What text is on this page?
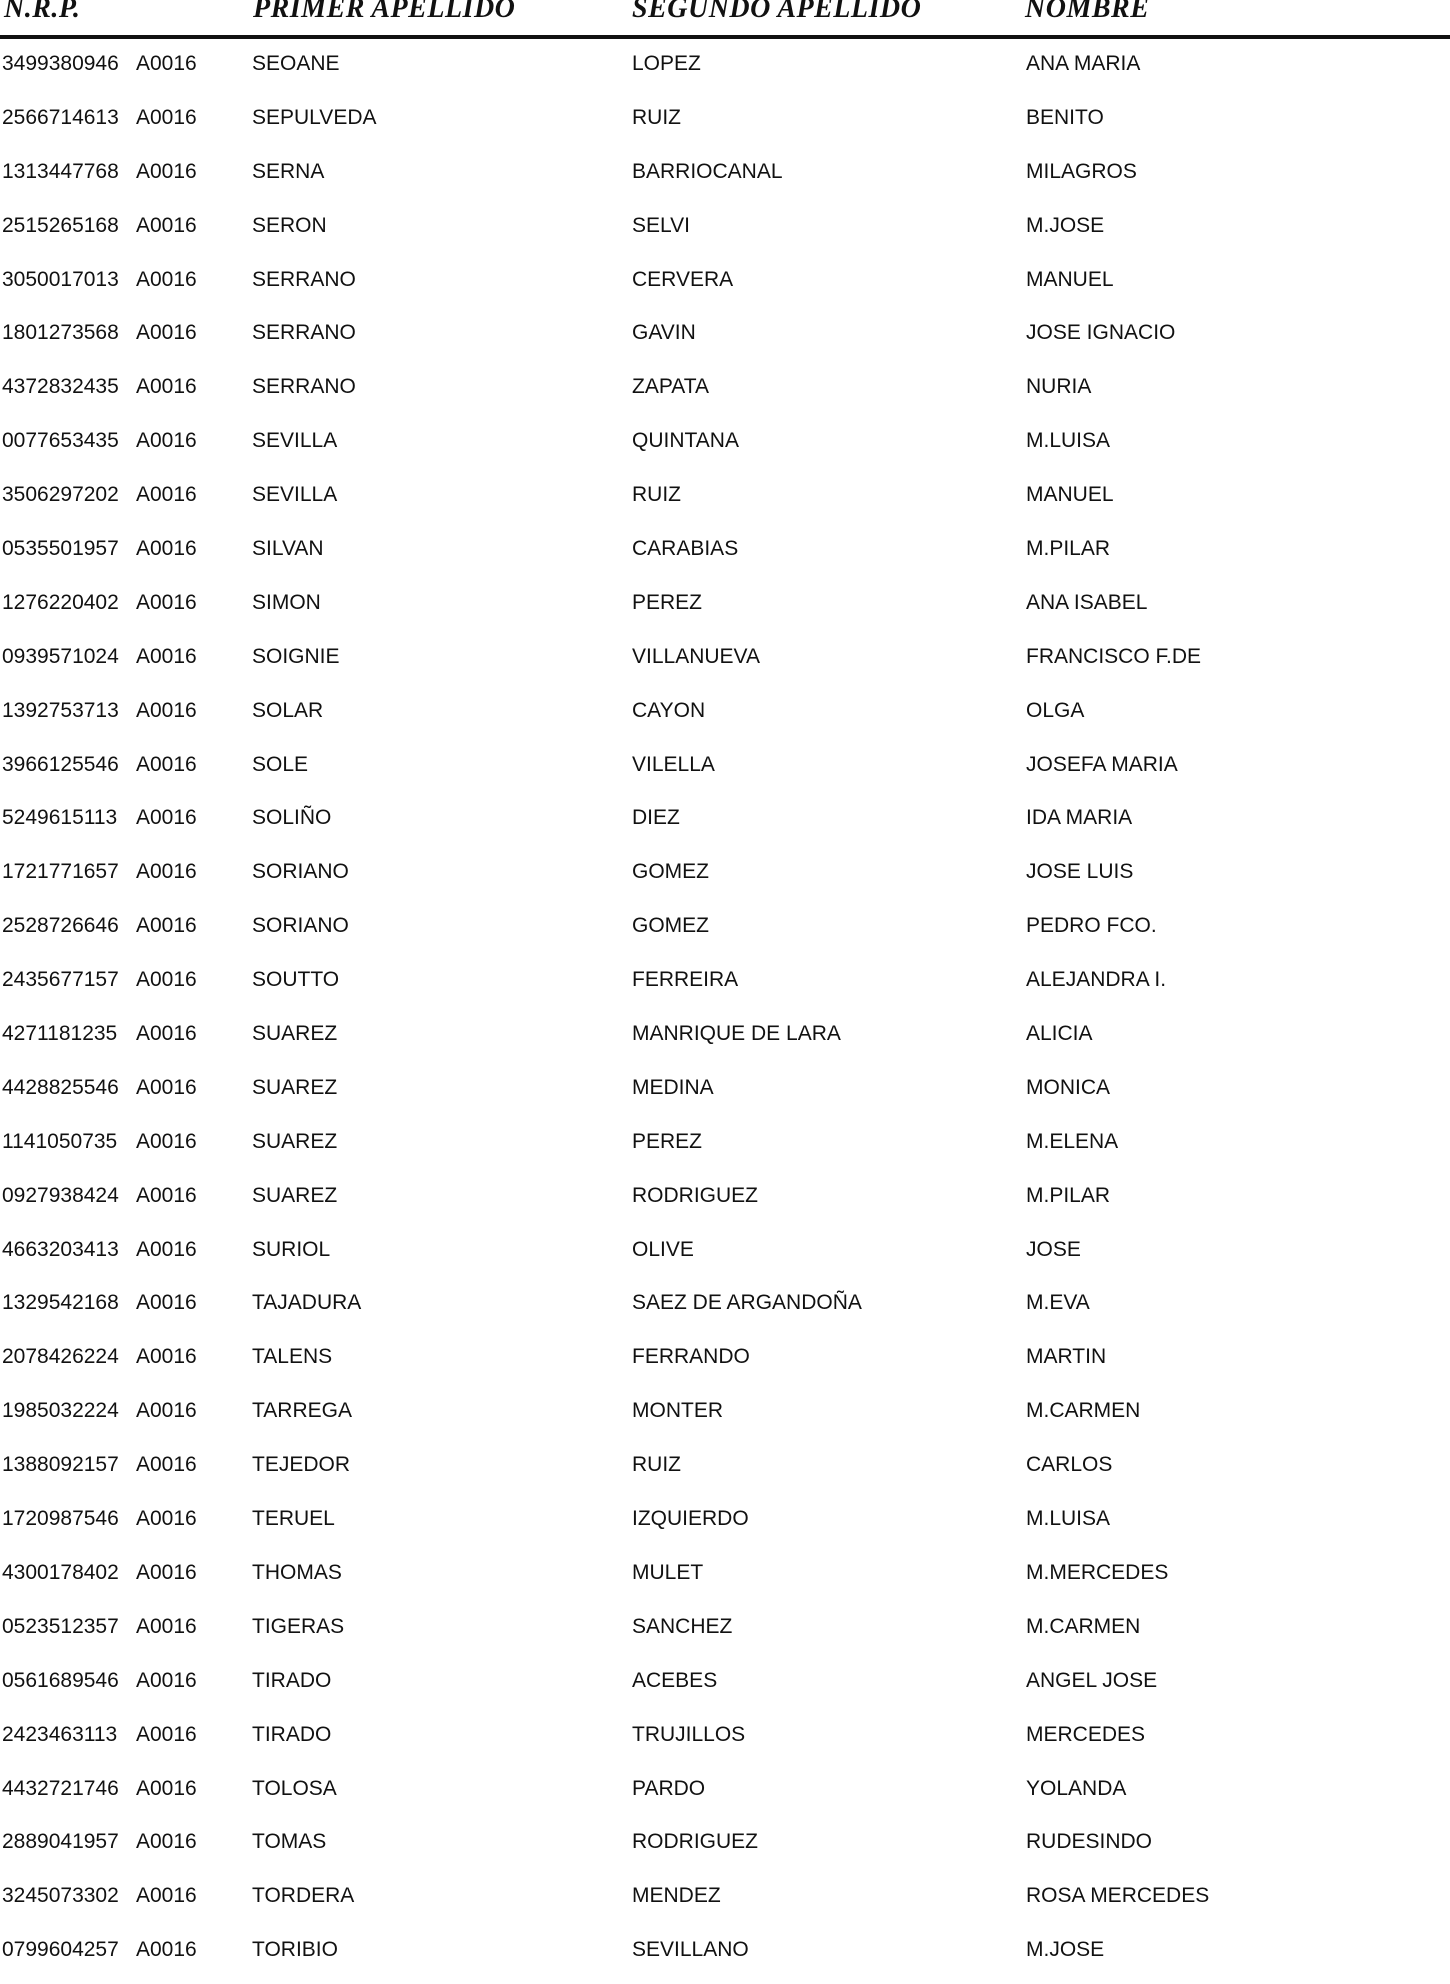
N.R.P.	PRIMER APELLIDO	SEGUNDO APELLIDO	NOMBRE
3499380946 A0016	SEOANE	LOPEZ	ANA MARIA
2566714613 A0016	SEPULVEDA	RUIZ	BENITO
1313447768 A0016	SERNA	BARRIOCANAL	MILAGROS
2515265168 A0016	SERON	SELVI	M.JOSE
3050017013 A0016	SERRANO	CERVERA	MANUEL
1801273568 A0016	SERRANO	GAVIN	JOSE IGNACIO
4372832435 A0016	SERRANO	ZAPATA	NURIA
0077653435 A0016	SEVILLA	QUINTANA	M.LUISA
3506297202 A0016	SEVILLA	RUIZ	MANUEL
0535501957 A0016	SILVAN	CARABIAS	M.PILAR
1276220402 A0016	SIMON	PEREZ	ANA ISABEL
0939571024 A0016	SOIGNIE	VILLANUEVA	FRANCISCO F.DE
1392753713 A0016	SOLAR	CAYON	OLGA
3966125546 A0016	SOLE	VILELLA	JOSEFA MARIA
5249615113 A0016	SOLIÑO	DIEZ	IDA MARIA
1721771657 A0016	SORIANO	GOMEZ	JOSE LUIS
2528726646 A0016	SORIANO	GOMEZ	PEDRO FCO.
2435677157 A0016	SOUTTO	FERREIRA	ALEJANDRA I.
4271181235 A0016	SUAREZ	MANRIQUE DE LARA	ALICIA
4428825546 A0016	SUAREZ	MEDINA	MONICA
1141050735 A0016	SUAREZ	PEREZ	M.ELENA
0927938424 A0016	SUAREZ	RODRIGUEZ	M.PILAR
4663203413 A0016	SURIOL	OLIVE	JOSE
1329542168 A0016	TAJADURA	SAEZ DE ARGANDOÑA	M.EVA
2078426224 A0016	TALENS	FERRANDO	MARTIN
1985032224 A0016	TARREGA	MONTER	M.CARMEN
1388092157 A0016	TEJEDOR	RUIZ	CARLOS
1720987546 A0016	TERUEL	IZQUIERDO	M.LUISA
4300178402 A0016	THOMAS	MULET	M.MERCEDES
0523512357 A0016	TIGERAS	SANCHEZ	M.CARMEN
0561689546 A0016	TIRADO	ACEBES	ANGEL JOSE
2423463113 A0016	TIRADO	TRUJILLOS	MERCEDES
4432721746 A0016	TOLOSA	PARDO	YOLANDA
2889041957 A0016	TOMAS	RODRIGUEZ	RUDESINDO
3245073302 A0016	TORDERA	MENDEZ	ROSA MERCEDES
0799604257 A0016	TORIBIO	SEVILLANO	M.JOSE
